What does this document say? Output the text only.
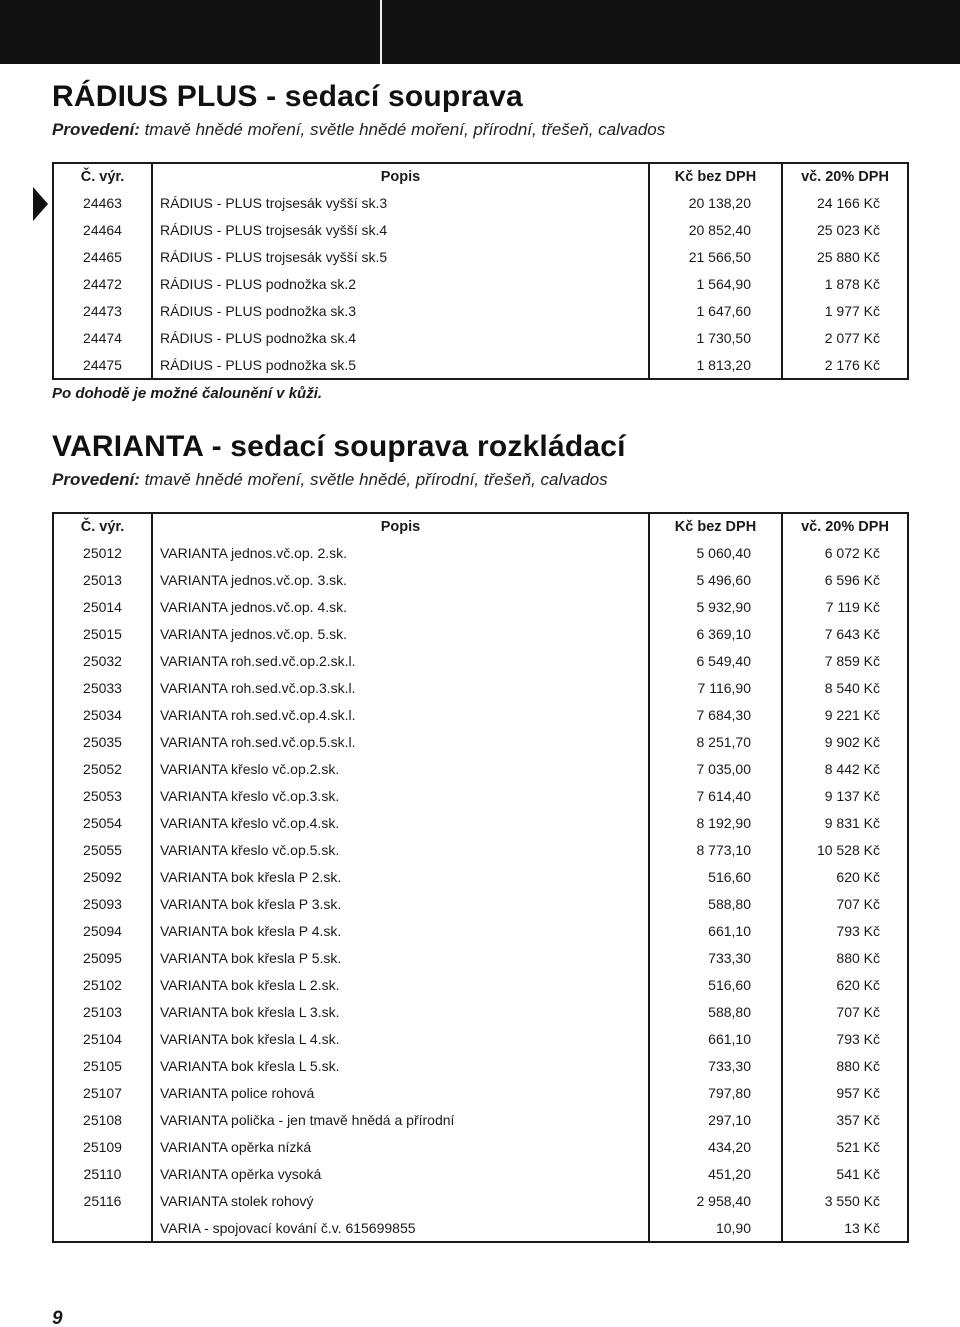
RÁDIUS PLUS - sedací souprava
Provedení: tmavě hnědé moření, světle hnědé moření, přírodní, třešeň, calvados
Č. výr.	Popis	Kč bez DPH	vč. 20% DPH
24463	RÁDIUS - PLUS trojsesák vyšší sk.3	20 138,20	24 166 Kč
24464	RÁDIUS - PLUS trojsesák vyšší sk.4	20 852,40	25 023 Kč
24465	RÁDIUS - PLUS trojsesák vyšší sk.5	21 566,50	25 880 Kč
24472	RÁDIUS - PLUS podnožka sk.2	1 564,90	1 878 Kč
24473	RÁDIUS - PLUS podnožka sk.3	1 647,60	1 977 Kč
24474	RÁDIUS - PLUS podnožka sk.4	1 730,50	2 077 Kč
24475	RÁDIUS - PLUS podnožka sk.5	1 813,20	2 176 Kč
Po dohodě je možné čalounění v kůži.
VARIANTA - sedací souprava rozkládací
Provedení: tmavě hnědé moření, světle hnědé, přírodní, třešeň, calvados
Č. výr.	Popis	Kč bez DPH	vč. 20% DPH
25012	VARIANTA jednos.vč.op. 2.sk.	5 060,40	6 072 Kč
25013	VARIANTA jednos.vč.op. 3.sk.	5 496,60	6 596 Kč
25014	VARIANTA jednos.vč.op. 4.sk.	5 932,90	7 119 Kč
25015	VARIANTA jednos.vč.op. 5.sk.	6 369,10	7 643 Kč
25032	VARIANTA roh.sed.vč.op.2.sk.l.	6 549,40	7 859 Kč
25033	VARIANTA roh.sed.vč.op.3.sk.l.	7 116,90	8 540 Kč
25034	VARIANTA roh.sed.vč.op.4.sk.l.	7 684,30	9 221 Kč
25035	VARIANTA roh.sed.vč.op.5.sk.l.	8 251,70	9 902 Kč
25052	VARIANTA křeslo vč.op.2.sk.	7 035,00	8 442 Kč
25053	VARIANTA křeslo vč.op.3.sk.	7 614,40	9 137 Kč
25054	VARIANTA křeslo vč.op.4.sk.	8 192,90	9 831 Kč
25055	VARIANTA křeslo vč.op.5.sk.	8 773,10	10 528 Kč
25092	VARIANTA bok křesla P 2.sk.	516,60	620 Kč
25093	VARIANTA bok křesla P 3.sk.	588,80	707 Kč
25094	VARIANTA bok křesla P 4.sk.	661,10	793 Kč
25095	VARIANTA bok křesla P 5.sk.	733,30	880 Kč
25102	VARIANTA bok křesla L 2.sk.	516,60	620 Kč
25103	VARIANTA bok křesla L 3.sk.	588,80	707 Kč
25104	VARIANTA bok křesla L 4.sk.	661,10	793 Kč
25105	VARIANTA bok křesla L 5.sk.	733,30	880 Kč
25107	VARIANTA police rohová	797,80	957 Kč
25108	VARIANTA polička - jen tmavě hnědá a přírodní	297,10	357 Kč
25109	VARIANTA opěrka nízká	434,20	521 Kč
25110	VARIANTA opěrka vysoká	451,20	541 Kč
25116	VARIANTA stolek rohový	2 958,40	3 550 Kč
	VARIA - spojovací kování č.v. 615699855	10,90	13 Kč
9
